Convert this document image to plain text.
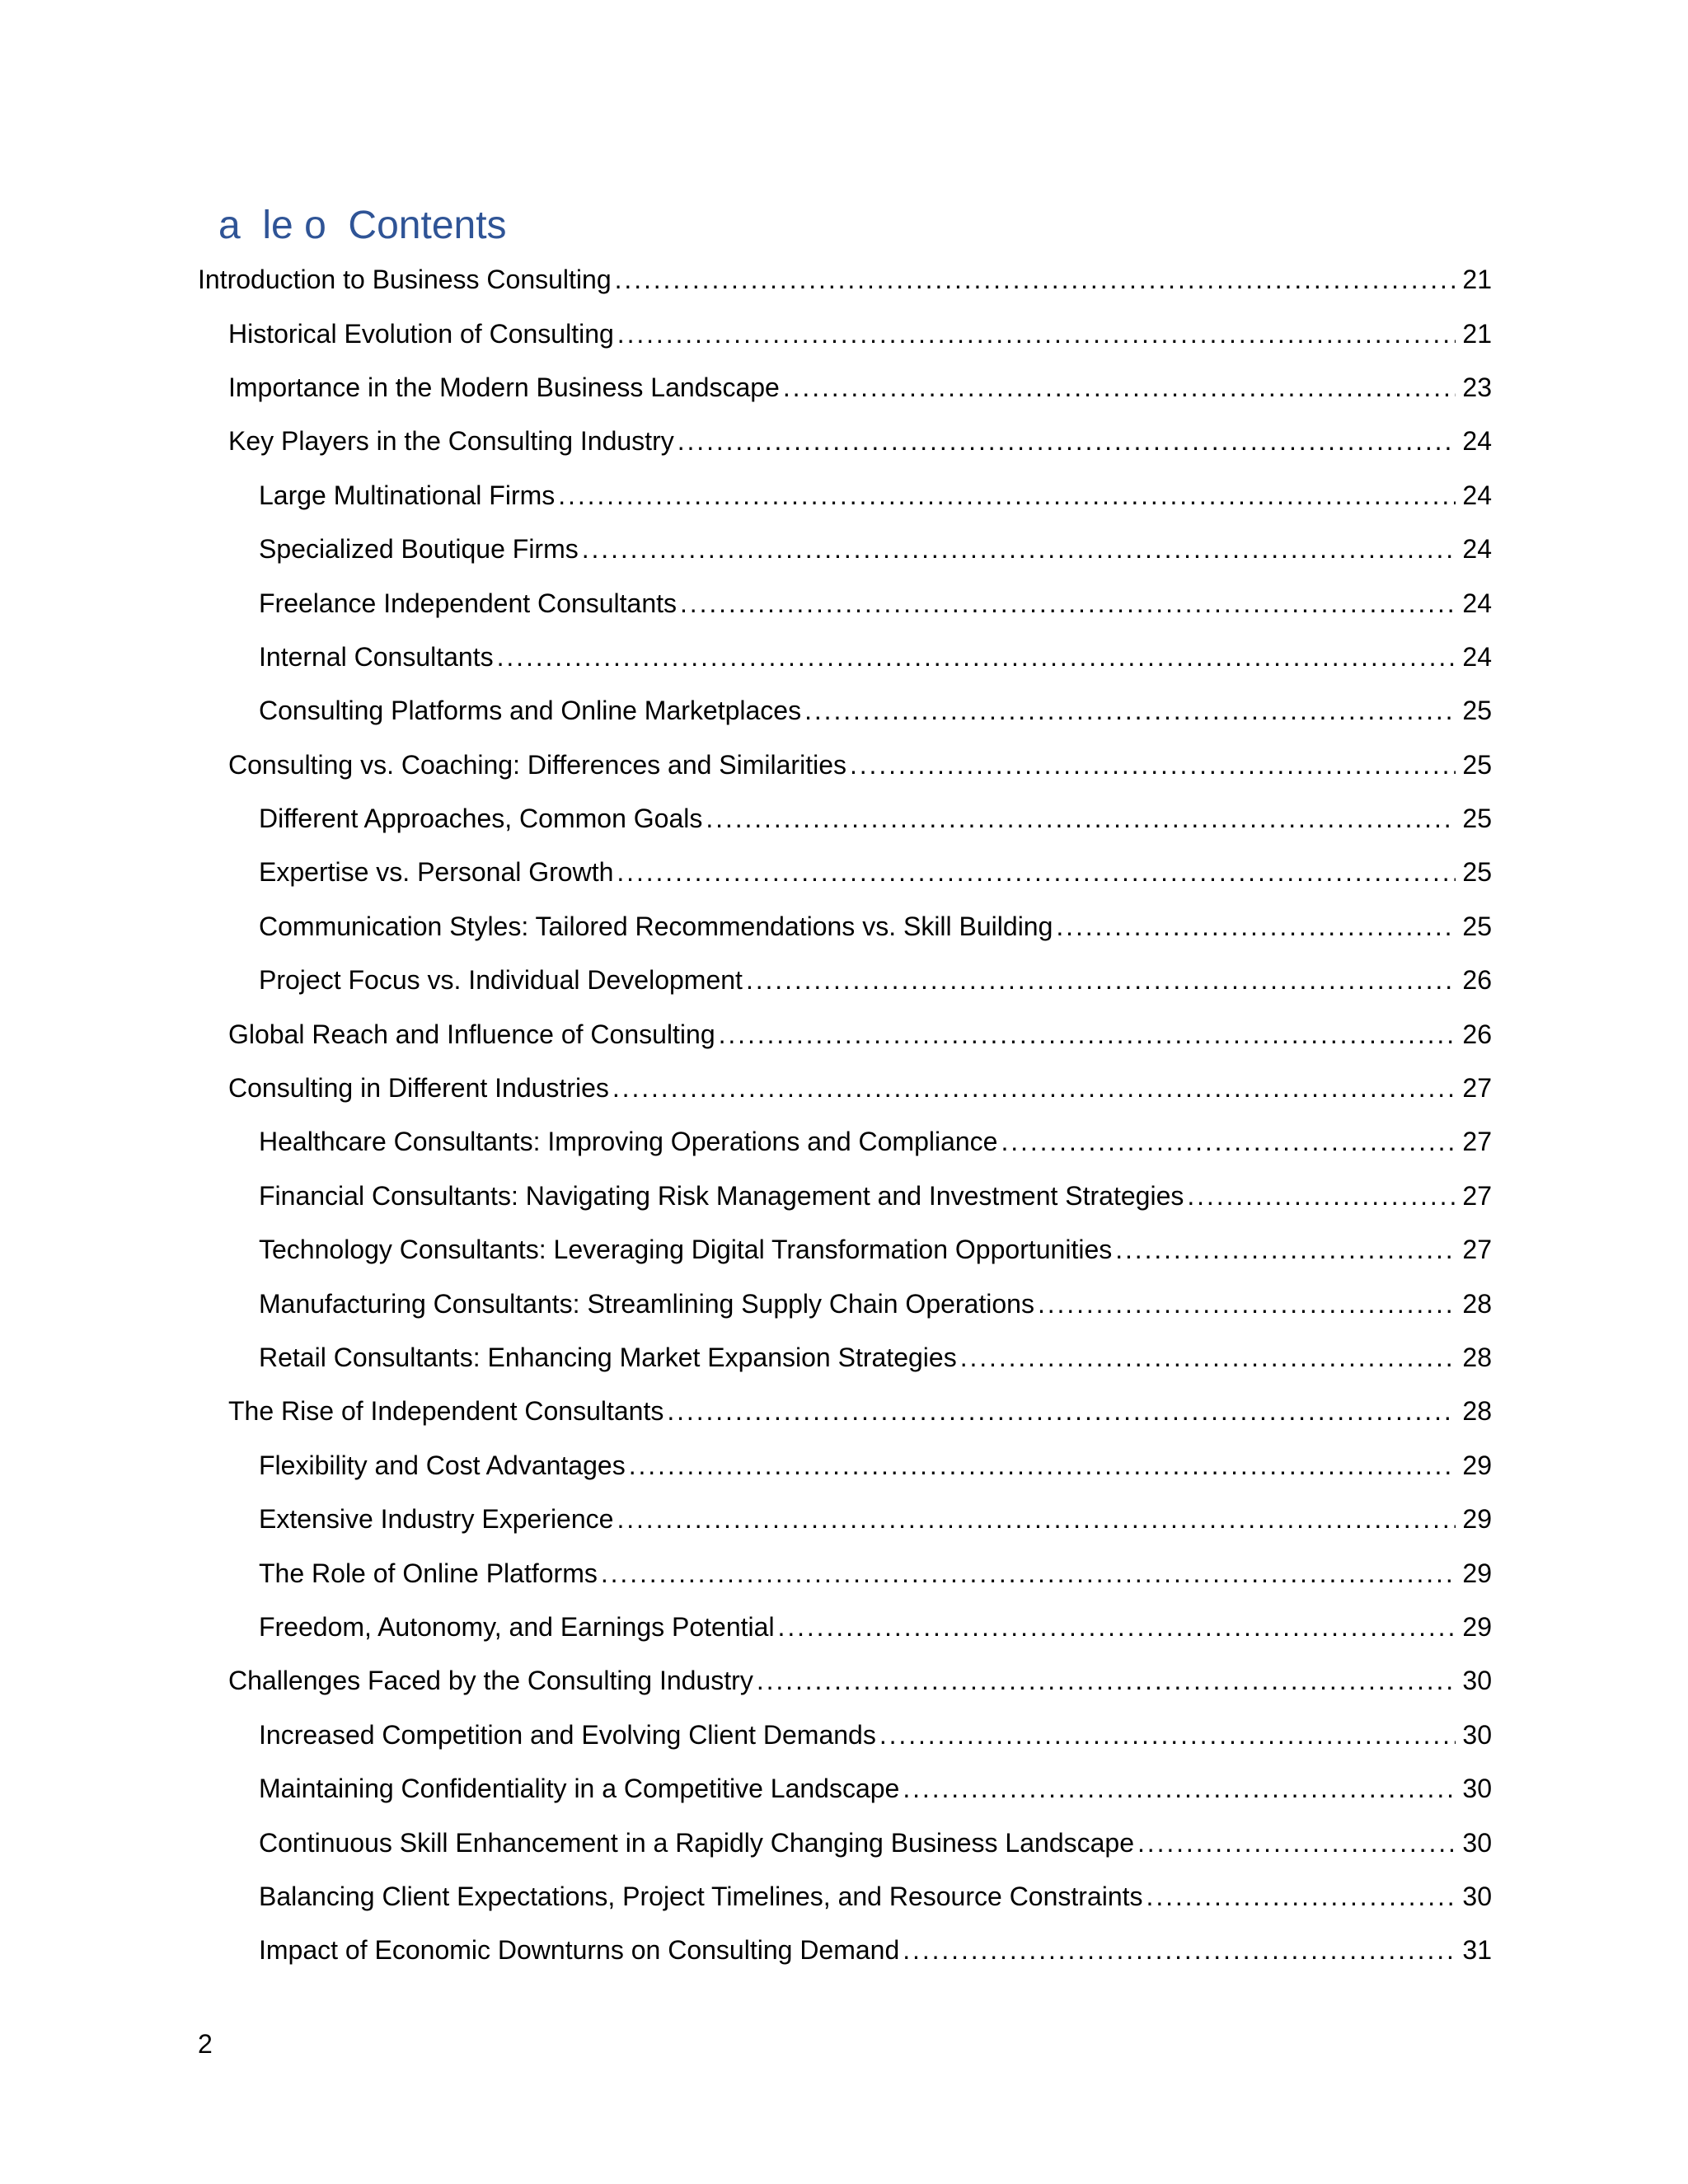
a  le o  Contents
Introduction to Business Consulting . . .	21
Historical Evolution of Consulting . . .	21
Importance in the Modern Business Landscape . . .	23
Key Players in the Consulting Industry . . .	24
Large Multinational Firms . . .	24
Specialized Boutique Firms . . .	24
Freelance Independent Consultants . . .	24
Internal Consultants . . .	24
Consulting Platforms and Online Marketplaces . . .	25
Consulting vs. Coaching: Differences and Similarities . . .	25
Different Approaches, Common Goals . . .	25
Expertise vs. Personal Growth . . .	25
Communication Styles: Tailored Recommendations vs. Skill Building . . .	25
Project Focus vs. Individual Development . . .	26
Global Reach and Influence of Consulting . . .	26
Consulting in Different Industries . . .	27
Healthcare Consultants: Improving Operations and Compliance . . .	27
Financial Consultants: Navigating Risk Management and Investment Strategies . . .	27
Technology Consultants: Leveraging Digital Transformation Opportunities . . .	27
Manufacturing Consultants: Streamlining Supply Chain Operations . . .	28
Retail Consultants: Enhancing Market Expansion Strategies . . .	28
The Rise of Independent Consultants . . .	28
Flexibility and Cost Advantages . . .	29
Extensive Industry Experience . . .	29
The Role of Online Platforms . . .	29
Freedom, Autonomy, and Earnings Potential . . .	29
Challenges Faced by the Consulting Industry . . .	30
Increased Competition and Evolving Client Demands . . .	30
Maintaining Confidentiality in a Competitive Landscape . . .	30
Continuous Skill Enhancement in a Rapidly Changing Business Landscape . . .	30
Balancing Client Expectations, Project Timelines, and Resource Constraints . . .	30
Impact of Economic Downturns on Consulting Demand . . .	31
2
